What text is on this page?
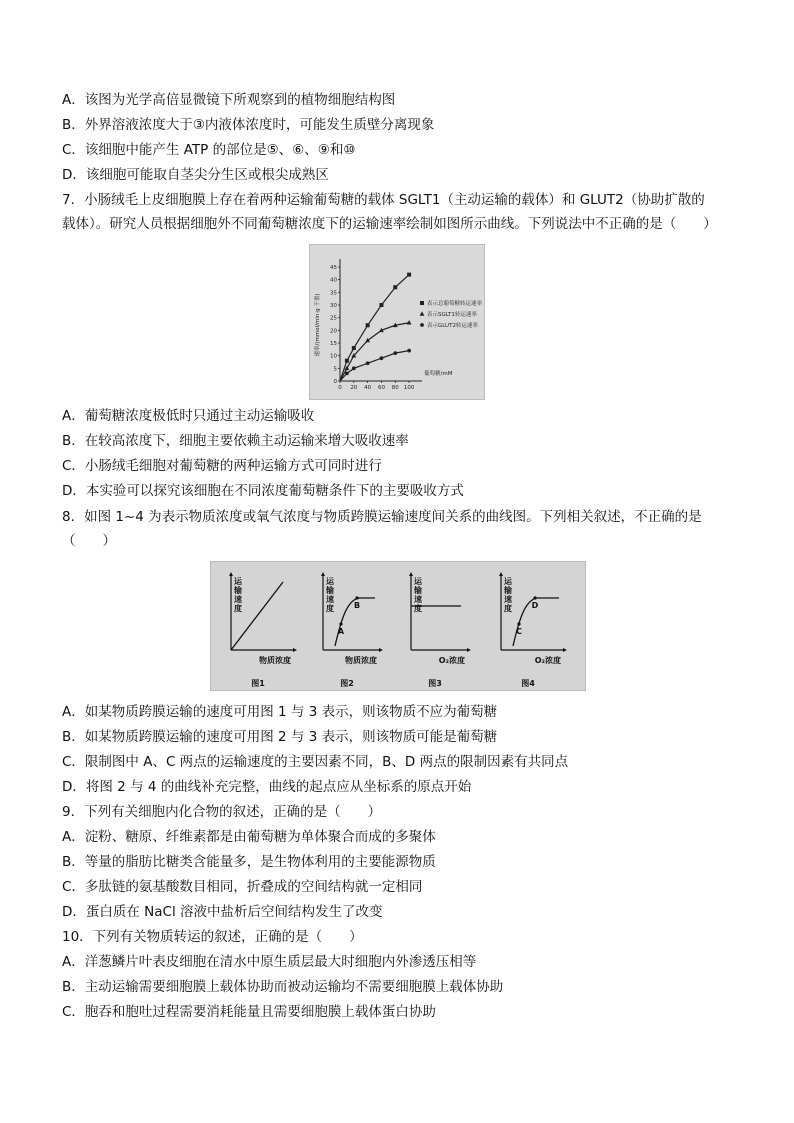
A．该图为光学高倍显微镜下所观察到的植物细胞结构图
B．外界溶液浓度大于③内液体浓度时，可能发生质壁分离现象
C．该细胞中能产生 ATP 的部位是⑤、⑥、⑨和⑩
D．该细胞可能取自茎尖分生区或根尖成熟区
7．小肠绒毛上皮细胞膜上存在着两种运输葡萄糖的载体 SGLT1（主动运输的载体）和 GLUT2（协助扩散的
载体）。研究人员根据细胞外不同葡萄糖浓度下的运输速率绘制如图所示曲线。下列说法中不正确的是（　　）
0
5
10
15
20
25
30
35
40
45
0 20 40 60 80 100
葡萄糖/mM
速率/(mmol/min·g 干重)	表示总葡萄糖转运速率
表示SGLT1转运速率
表示GLUT2转运速率
A．葡萄糖浓度极低时只通过主动运输吸收
B．在较高浓度下，细胞主要依赖主动运输来增大吸收速率
C．小肠绒毛细胞对葡萄糖的两种运输方式可同时进行
D．本实验可以探究该细胞在不同浓度葡萄糖条件下的主要吸收方式
8．如图 1~4 为表示物质浓度或氧气浓度与物质跨膜运输速度间关系的曲线图。下列相关叙述，不正确的是
（　　）
运
输
速
度
物质浓度
图1
运
输
速
度
物质浓度
图2
A
B
运
输
速
度
O₂浓度
图3
运
输
速
度
O₂浓度
图4
C
D
A．如某物质跨膜运输的速度可用图 1 与 3 表示，则该物质不应为葡萄糖
B．如某物质跨膜运输的速度可用图 2 与 3 表示，则该物质可能是葡萄糖
C．限制图中 A、C 两点的运输速度的主要因素不同，B、D 两点的限制因素有共同点
D．将图 2 与 4 的曲线补充完整，曲线的起点应从坐标系的原点开始
9．下列有关细胞内化合物的叙述，正确的是（　　）
A．淀粉、糖原、纤维素都是由葡萄糖为单体聚合而成的多聚体
B．等量的脂肪比糖类含能量多，是生物体利用的主要能源物质
C．多肽链的氨基酸数目相同，折叠成的空间结构就一定相同
D．蛋白质在 NaCl 溶液中盐析后空间结构发生了改变
10．下列有关物质转运的叙述，正确的是（　　）
A．洋葱鳞片叶表皮细胞在清水中原生质层最大时细胞内外渗透压相等
B．主动运输需要细胞膜上载体协助而被动运输均不需要细胞膜上载体协助
C．胞吞和胞吐过程需要消耗能量且需要细胞膜上载体蛋白协助
